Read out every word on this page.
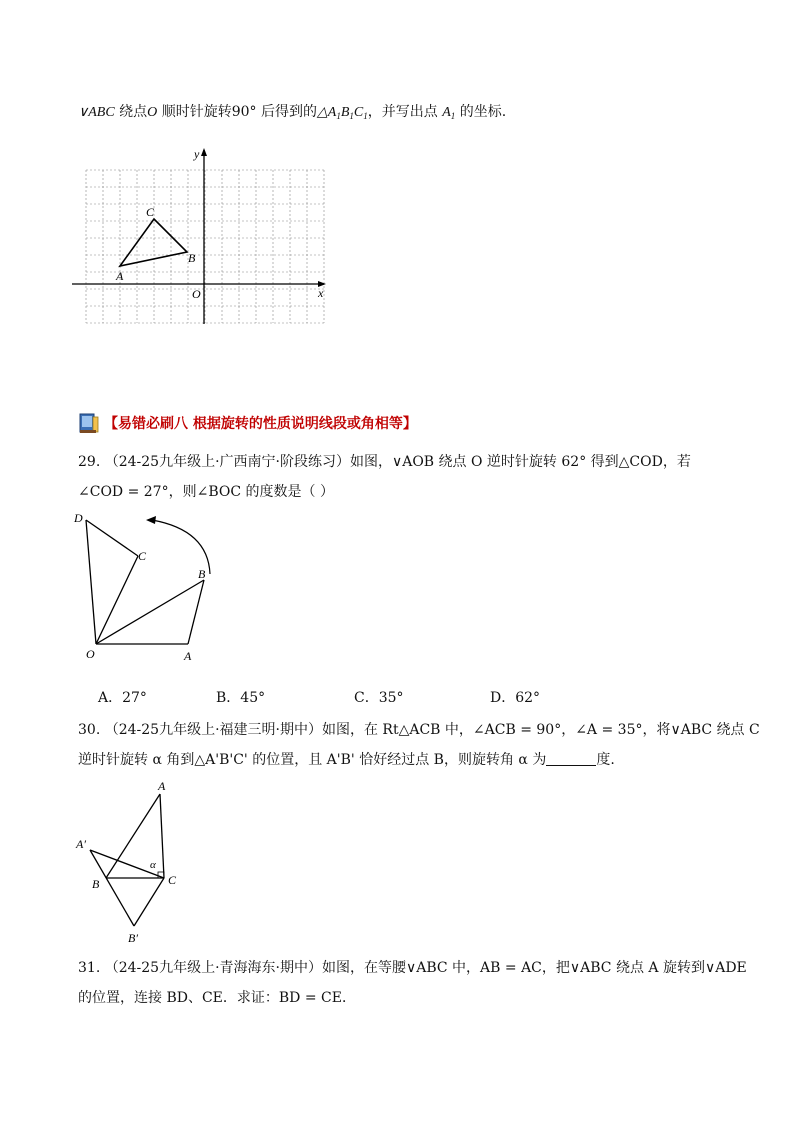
∨ABC 绕点O 顺时针旋转90° 后得到的$\triangle A_1B_1C_1$，并写出点 $A_1$ 的坐标.
y
x
O
A
B
C
【易错必刷八 根据旋转的性质说明线段或角相等】
29. （24-25九年级上·广西南宁·阶段练习）如图，∨AOB 绕点 O 逆时针旋转 62° 得到△COD，若
∠COD = 27°，则∠BOC 的度数是（ ）
D
C
B
O	A
A．27°	B．45°	C．35°	D．62°
30. （24-25九年级上·福建三明·期中）如图，在 Rt△ACB 中，∠ACB = 90°，∠A = 35°，将∨ABC 绕点 C
逆时针旋转 α 角到△A'B'C' 的位置，且 A'B' 恰好经过点 B，则旋转角 α 为	度.
A
A′
α
B	C
B′
31. （24-25九年级上·青海海东·期中）如图，在等腰∨ABC 中，AB = AC，把∨ABC 绕点 A 旋转到∨ADE
的位置，连接 BD、CE．求证：BD = CE．
